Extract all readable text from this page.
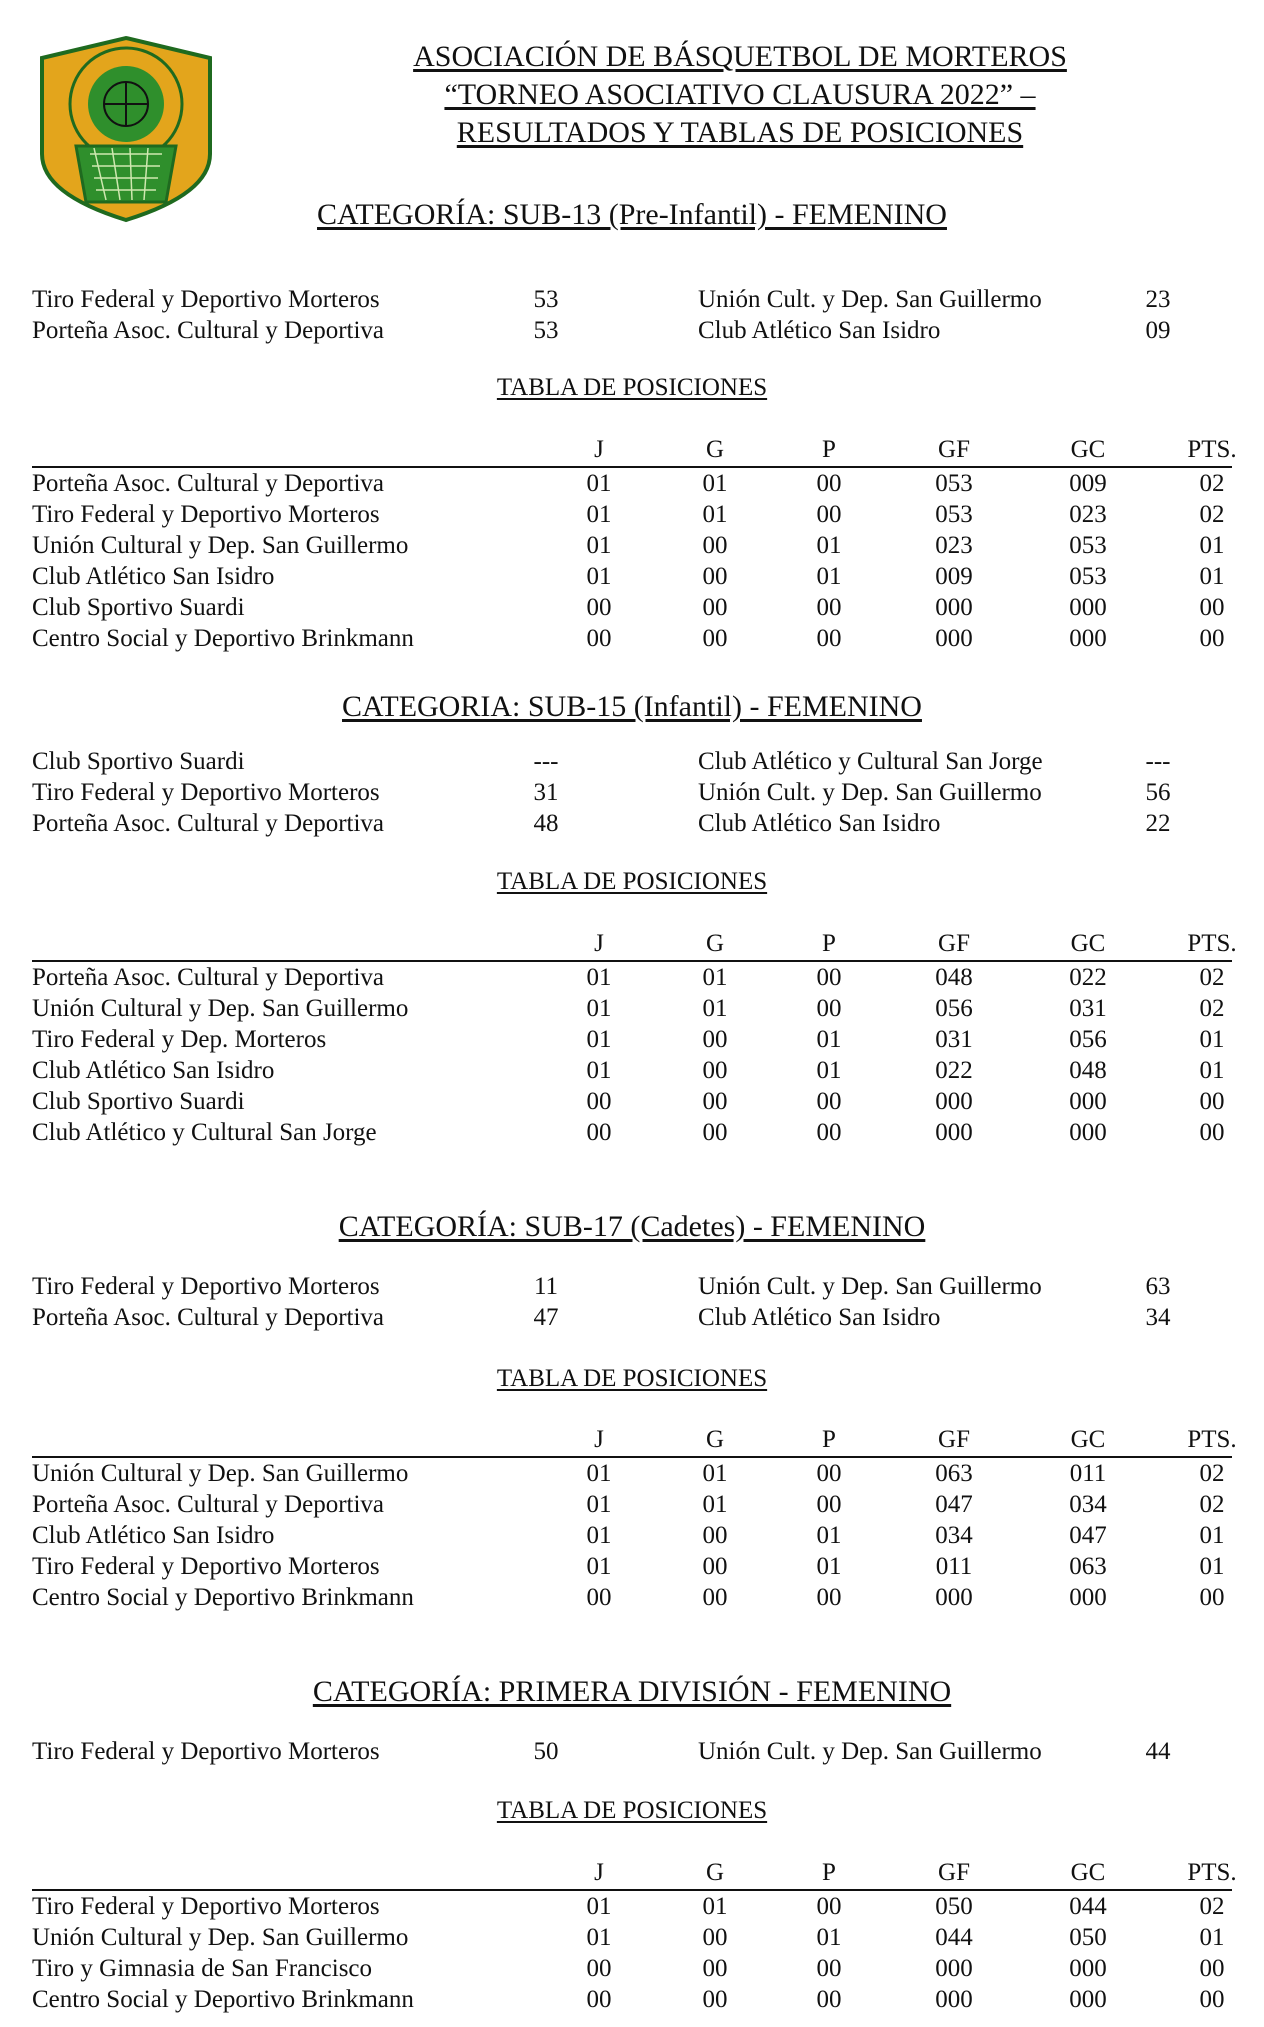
ASOCIACIÓN DE BÁSQUETBOL DE MORTEROS
“TORNEO ASOCIATIVO CLAUSURA 2022” –
RESULTADOS Y TABLAS DE POSICIONES
CATEGORÍA: SUB-13 (Pre-Infantil) - FEMENINO
Tiro Federal y Deportivo Morteros	53	Unión Cult. y Dep. San Guillermo	23
Porteña Asoc. Cultural y Deportiva	53	Club Atlético San Isidro	09
TABLA DE POSICIONES
J	G	P	GF	GC	PTS.
Porteña Asoc. Cultural y Deportiva	01	01	00	053	009	02
Tiro Federal y Deportivo Morteros	01	01	00	053	023	02
Unión Cultural y Dep. San Guillermo	01	00	01	023	053	01
Club Atlético San Isidro	01	00	01	009	053	01
Club Sportivo Suardi	00	00	00	000	000	00
Centro Social y Deportivo Brinkmann	00	00	00	000	000	00
CATEGORIA: SUB-15 (Infantil) - FEMENINO
Club Sportivo Suardi	---	Club Atlético y Cultural San Jorge	---
Tiro Federal y Deportivo Morteros	31	Unión Cult. y Dep. San Guillermo	56
Porteña Asoc. Cultural y Deportiva	48	Club Atlético San Isidro	22
TABLA DE POSICIONES
J	G	P	GF	GC	PTS.
Porteña Asoc. Cultural y Deportiva	01	01	00	048	022	02
Unión Cultural y Dep. San Guillermo	01	01	00	056	031	02
Tiro Federal y Dep. Morteros	01	00	01	031	056	01
Club Atlético San Isidro	01	00	01	022	048	01
Club Sportivo Suardi	00	00	00	000	000	00
Club Atlético y Cultural San Jorge	00	00	00	000	000	00
CATEGORÍA: SUB-17 (Cadetes) - FEMENINO
Tiro Federal y Deportivo Morteros	11	Unión Cult. y Dep. San Guillermo	63
Porteña Asoc. Cultural y Deportiva	47	Club Atlético San Isidro	34
TABLA DE POSICIONES
J	G	P	GF	GC	PTS.
Unión Cultural y Dep. San Guillermo	01	01	00	063	011	02
Porteña Asoc. Cultural y Deportiva	01	01	00	047	034	02
Club Atlético San Isidro	01	00	01	034	047	01
Tiro Federal y Deportivo Morteros	01	00	01	011	063	01
Centro Social y Deportivo Brinkmann	00	00	00	000	000	00
CATEGORÍA: PRIMERA DIVISIÓN - FEMENINO
Tiro Federal y Deportivo Morteros	50	Unión Cult. y Dep. San Guillermo	44
TABLA DE POSICIONES
J	G	P	GF	GC	PTS.
Tiro Federal y Deportivo Morteros	01	01	00	050	044	02
Unión Cultural y Dep. San Guillermo	01	00	01	044	050	01
Tiro y Gimnasia de San Francisco	00	00	00	000	000	00
Centro Social y Deportivo Brinkmann	00	00	00	000	000	00
